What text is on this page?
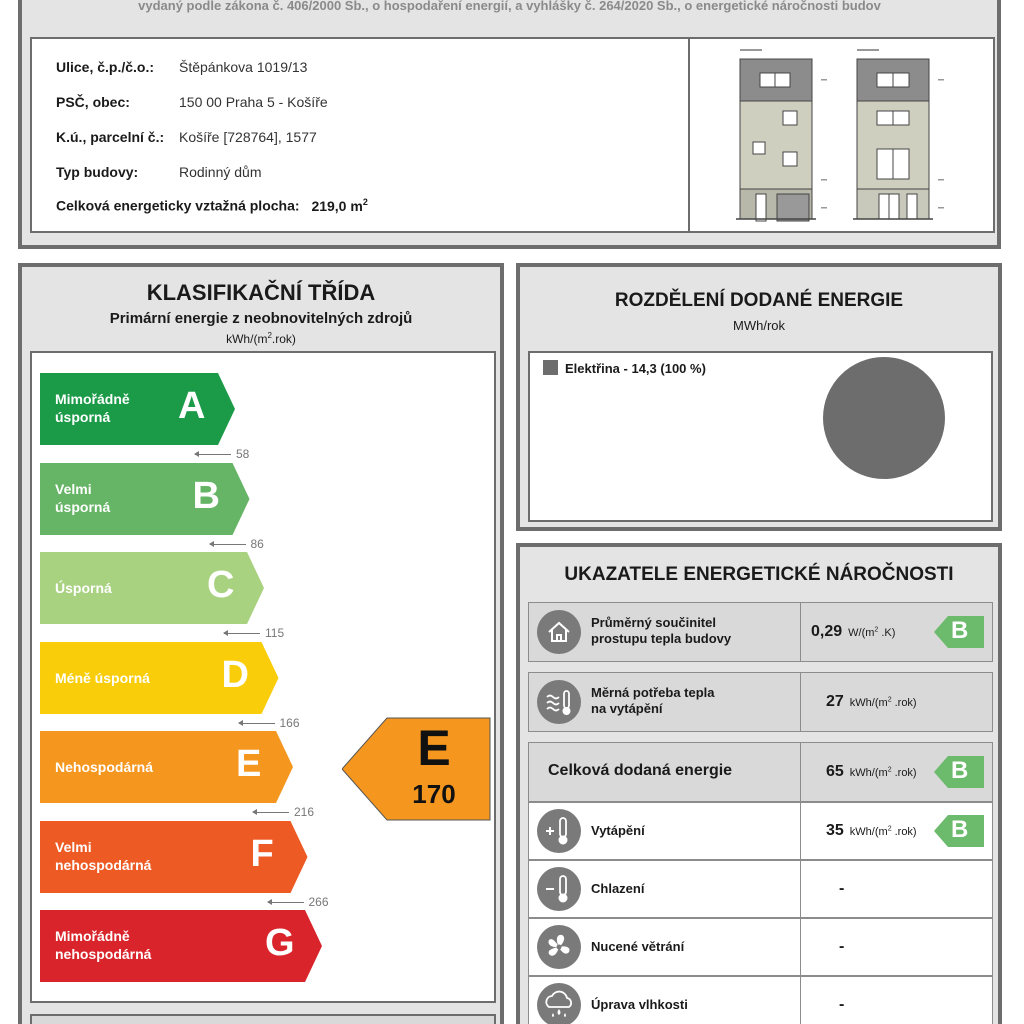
vydaný podle zákona č. 406/2000 Sb., o hospodaření energií, a vyhlášky č. 264/2020 Sb., o energetické náročnosti budov
Ulice, č.p./č.o.: Štěpánkova 1019/13
PSČ, obec:	150 00 Praha 5 - Košíře
K.ú., parcelní č.: Košíře [728764], 1577
Typ budovy:	Rodinný dům
Celková energeticky vztažná plocha: 219,0 $m^2$
KLASIFIKAČNÍ TŘÍDA
Primární energie z neobnovitelných zdrojů
kWh/$(m^2.rok)$
Mimořádně
úsporná	A
Velmi
úsporná B
Úsporná	C
Méně úsporná D
Nehospodárná E
Velmi
nehospodárná	F
Mimořádně
nehospodárná	G
58
86
115
166
216
266
E
170
ROZDĚLENÍ DODANÉ ENERGIE
MWh/rok
Elektřina - 14,3 (100 %)
UKAZATELE ENERGETICKÉ NÁROČNOSTI
Průměrný součinitel
prostupu tepla budovy	0,29 $W/(m^2$ .K) B
Měrná potřeba tepla
na vytápění	27 kWh/($m^2$ .rok)
Celková dodaná energie	65 kWh/($m^2$ .rok) B
Vytápění	35 kWh/($m^2$ .rok) B
Chlazení	-
Nucené větrání	-
Úprava vlhkosti	-
